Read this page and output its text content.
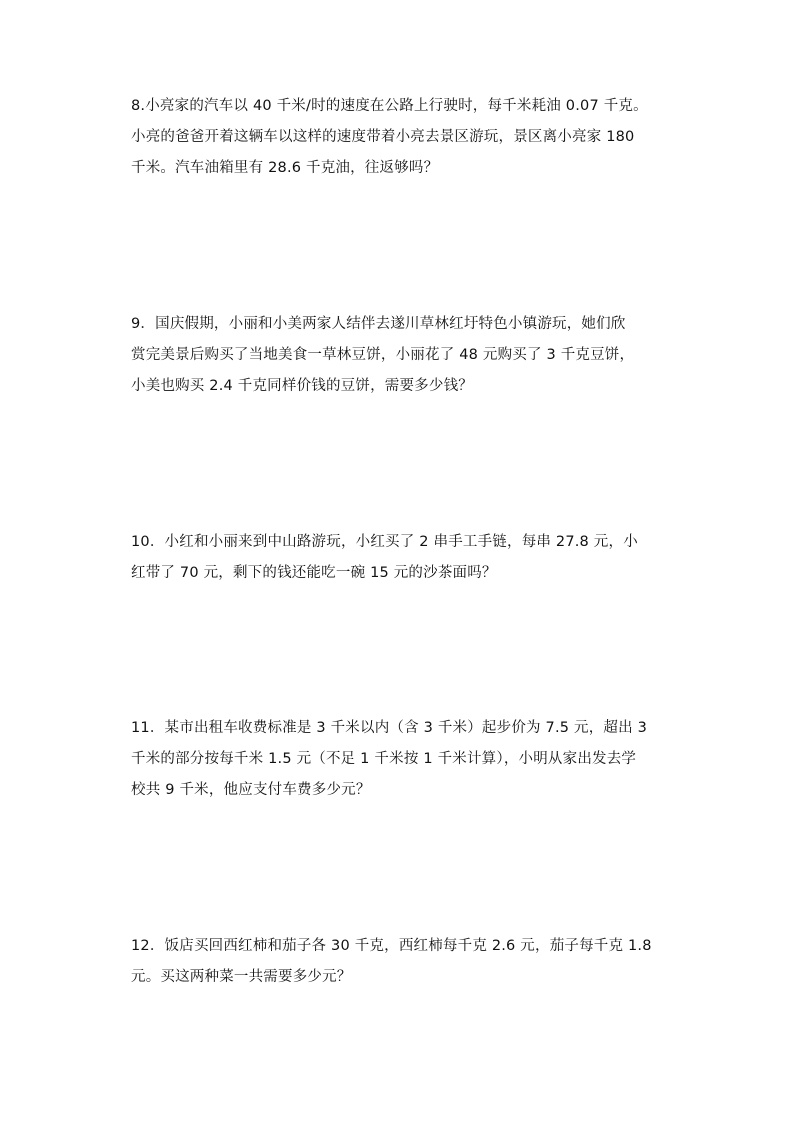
8.小亮家的汽车以 40 千米/时的速度在公路上行驶时，每千米耗油 0.07 千克。
小亮的爸爸开着这辆车以这样的速度带着小亮去景区游玩，景区离小亮家 180
千米。汽车油箱里有 28.6 千克油，往返够吗？
9．国庆假期，小丽和小美两家人结伴去遂川草林红圩特色小镇游玩，她们欣
赏完美景后购买了当地美食一草林豆饼，小丽花了 48 元购买了 3 千克豆饼，
小美也购买 2.4 千克同样价钱的豆饼，需要多少钱？
10．小红和小丽来到中山路游玩，小红买了 2 串手工手链，每串 27.8 元，小
红带了 70 元，剩下的钱还能吃一碗 15 元的沙茶面吗？
11．某市出租车收费标准是 3 千米以内（含 3 千米）起步价为 7.5 元，超出 3
千米的部分按每千米 1.5 元（不足 1 千米按 1 千米计算），小明从家出发去学
校共 9 千米，他应支付车费多少元？
12．饭店买回西红柿和茄子各 30 千克，西红柿每千克 2.6 元，茄子每千克 1.8
元。买这两种菜一共需要多少元？
